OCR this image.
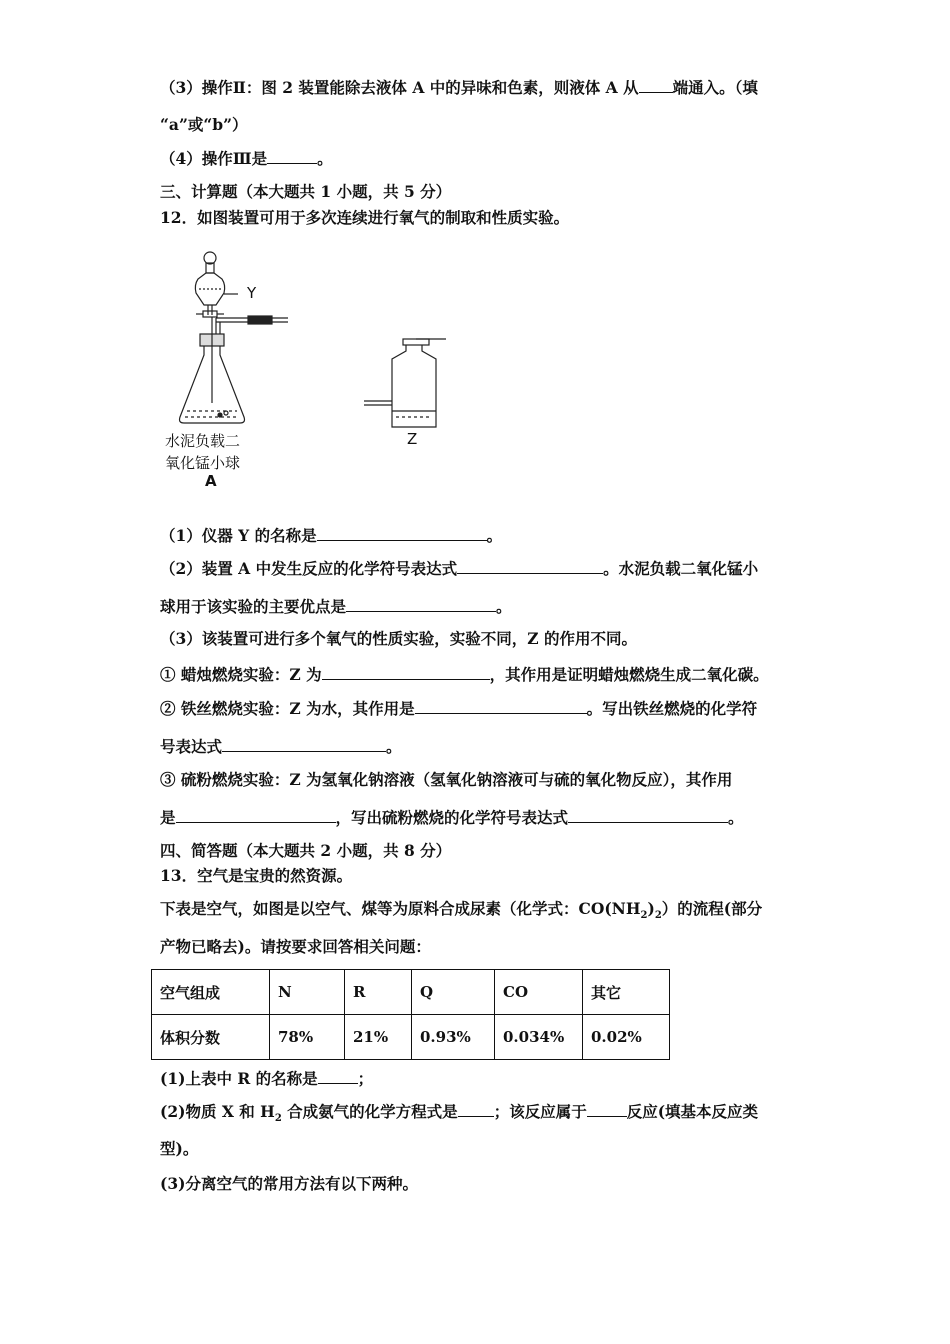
（3）操作Ⅱ：图 2 装置能除去液体 A 中的异味和色素，则液体 A 从 端通入。（填
“a”或“b”）
（4）操作Ⅲ是	。
三、计算题（本大题共 1 小题，共 5 分）
12．如图装置可用于多次连续进行氧气的制取和性质实验。
Y
Z
水泥负载二
氧化锰小球
A
（1）仪器 Y 的名称是	。
（2）装置 A 中发生反应的化学符号表达式	。水泥负载二氧化锰小
球用于该实验的主要优点是	。
（3）该装置可进行多个氧气的性质实验，实验不同，Z 的作用不同。
① 蜡烛燃烧实验：Z 为	，其作用是证明蜡烛燃烧生成二氧化碳。
② 铁丝燃烧实验：Z 为水，其作用是	。写出铁丝燃烧的化学符
号表达式	。
③ 硫粉燃烧实验：Z 为氢氧化钠溶液（氢氧化钠溶液可与硫的氧化物反应），其作用
是	，写出硫粉燃烧的化学符号表达式	。
四、简答题（本大题共 2 小题，共 8 分）
13．空气是宝贵的然资源。
下表是空气，如图是以空气、煤等为原料合成尿素（化学式：$CO(NH_2)_2$）的流程(部分
产物已略去)。请按要求回答相关问题：
空气组成	N	R	Q	CO	其它
体积分数	78%	21%	0.93%	0.034%	0.02%
(1)上表中 R 的名称是	；
(2)物质 X 和 $H_2$ 合成氨气的化学方程式是 ；该反应属于	反应(填基本反应类
型)。
(3)分离空气的常用方法有以下两种。
